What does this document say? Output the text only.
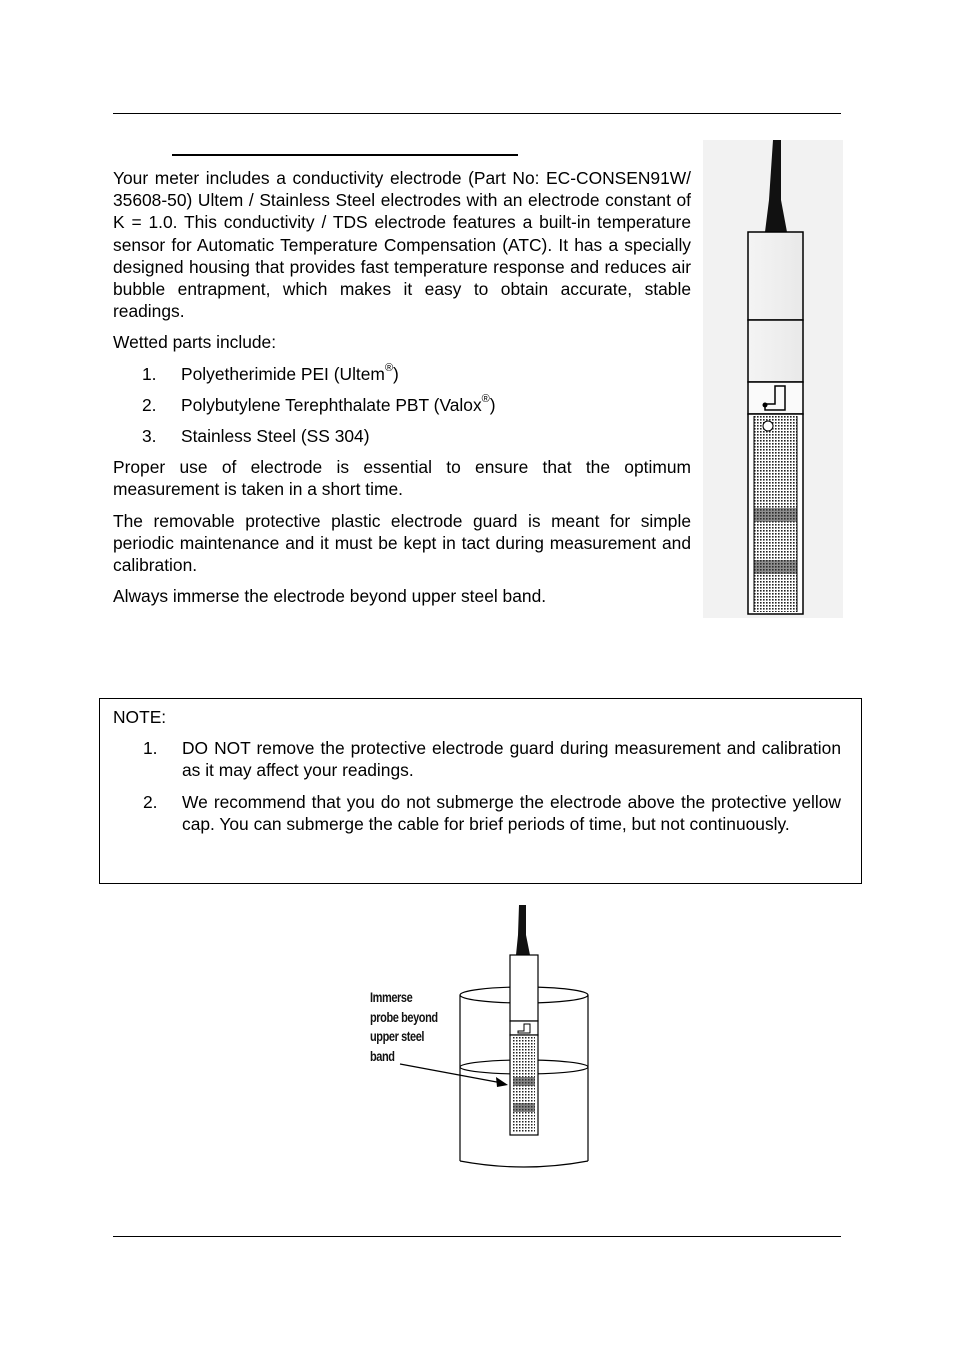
Your meter includes a conductivity electrode (Part No: EC-CONSEN91W/ 35608-50) Ultem / Stainless Steel electrodes with an electrode constant of K = 1.0. This conductivity / TDS electrode features a built-in temperature sensor for Automatic Temperature Compensation (ATC). It has a specially designed housing that provides fast temperature response and reduces air bubble entrapment, which makes it easy to obtain accurate, stable readings.

Wetted parts include:

1. Polyetherimide PEI (Ultem®)
2. Polybutylene Terephthalate PBT (Valox®)
3. Stainless Steel (SS 304)

Proper use of electrode is essential to ensure that the optimum measurement is taken in a short time.

The removable protective plastic electrode guard is meant for simple periodic maintenance and it must be kept in tact during measurement and calibration.

Always immerse the electrode beyond upper steel band.

NOTE:
1. DO NOT remove the protective electrode guard during measurement and calibration as it may affect your readings.
2. We recommend that you do not submerge the electrode above the protective yellow cap. You can submerge the cable for brief periods of time, but not continuously.
Immerse
probe beyond
upper steel
band
